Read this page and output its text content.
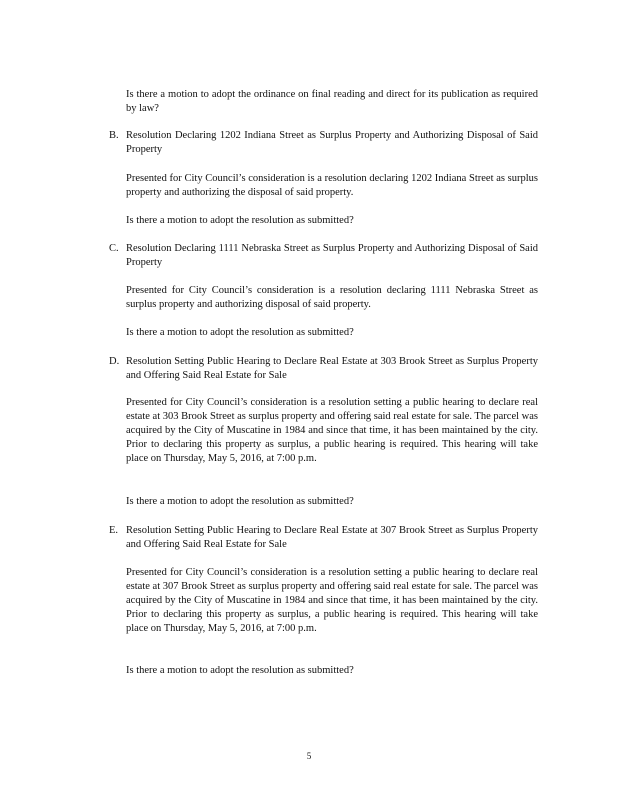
Is there a motion to adopt the ordinance on final reading and direct for its publication as required by law?
B. Resolution Declaring 1202 Indiana Street as Surplus Property and Authorizing Disposal of Said Property
Presented for City Council’s consideration is a resolution declaring 1202 Indiana Street as surplus property and authorizing the disposal of said property.
Is there a motion to adopt the resolution as submitted?
C. Resolution Declaring 1111 Nebraska Street as Surplus Property and Authorizing Disposal of Said Property
Presented for City Council’s consideration is a resolution declaring 1111 Nebraska Street as surplus property and authorizing disposal of said property.
Is there a motion to adopt the resolution as submitted?
D. Resolution Setting Public Hearing to Declare Real Estate at 303 Brook Street as Surplus Property and Offering Said Real Estate for Sale
Presented for City Council’s consideration is a resolution setting a public hearing to declare real estate at 303 Brook Street as surplus property and offering said real estate for sale. The parcel was acquired by the City of Muscatine in 1984 and since that time, it has been maintained by the city. Prior to declaring this property as surplus, a public hearing is required. This hearing will take place on Thursday, May 5, 2016, at 7:00 p.m.
Is there a motion to adopt the resolution as submitted?
E. Resolution Setting Public Hearing to Declare Real Estate at 307 Brook Street as Surplus Property and Offering Said Real Estate for Sale
Presented for City Council’s consideration is a resolution setting a public hearing to declare real estate at 307 Brook Street as surplus property and offering said real estate for sale. The parcel was acquired by the City of Muscatine in 1984 and since that time, it has been maintained by the city. Prior to declaring this property as surplus, a public hearing is required. This hearing will take place on Thursday, May 5, 2016, at 7:00 p.m.
Is there a motion to adopt the resolution as submitted?
5
